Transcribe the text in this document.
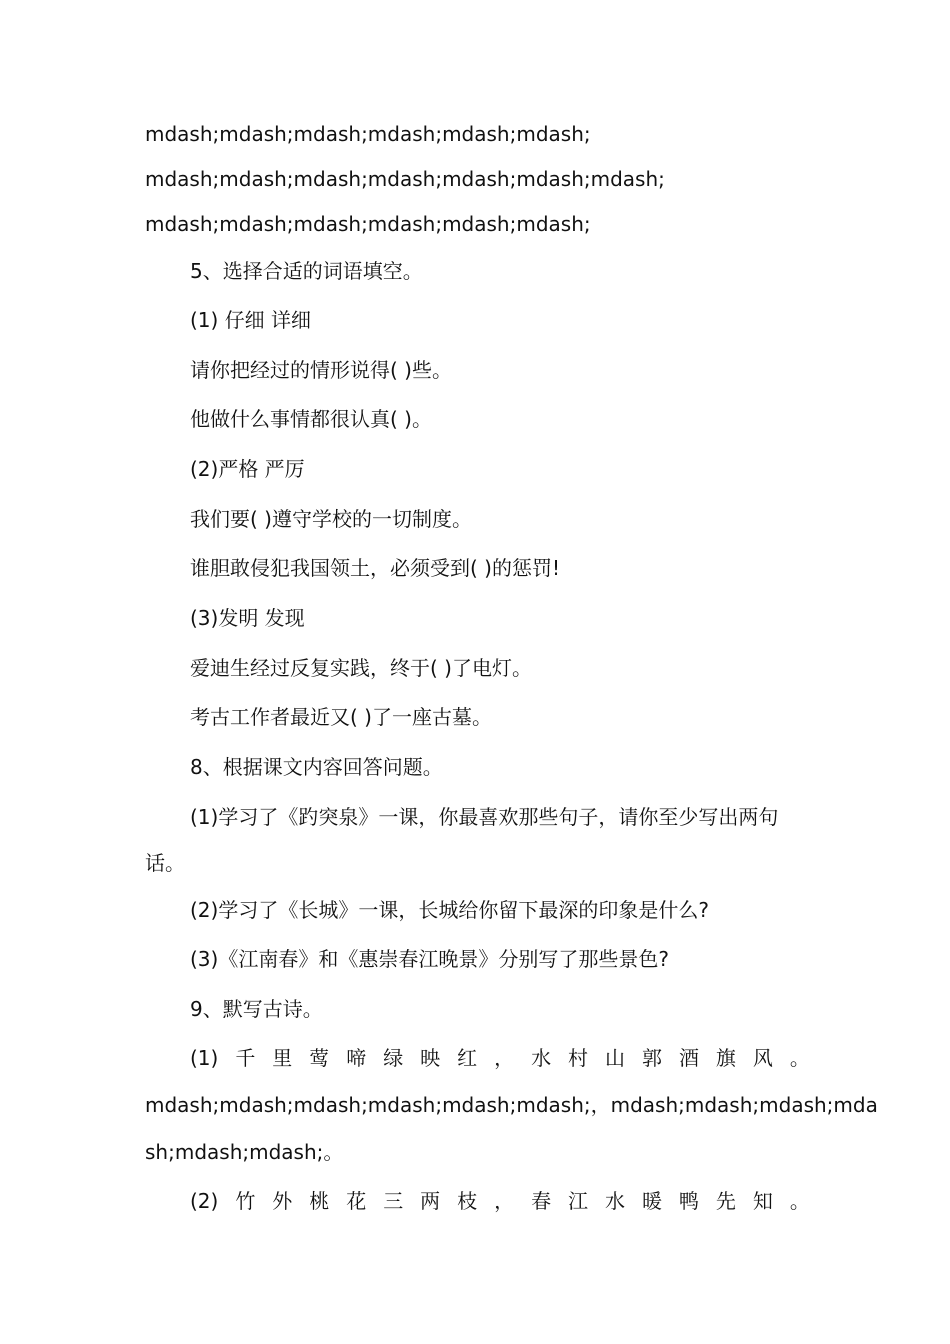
mdash;mdash;mdash;mdash;mdash;mdash;
mdash;mdash;mdash;mdash;mdash;mdash;mdash;
mdash;mdash;mdash;mdash;mdash;mdash;
5、选择合适的词语填空。
(1) 仔细 详细
请你把经过的情形说得( )些。
他做什么事情都很认真( )。
(2)严格 严厉
我们要( )遵守学校的一切制度。
谁胆敢侵犯我国领土，必须受到( )的惩罚!
(3)发明 发现
爱迪生经过反复实践，终于( )了电灯。
考古工作者最近又( )了一座古墓。
8、根据课文内容回答问题。
(1)学习了《趵突泉》一课，你最喜欢那些句子，请你至少写出两句
话。
(2)学习了《长城》一课，长城给你留下最深的印象是什么?
(3)《江南春》和《惠崇春江晚景》分别写了那些景色?
9、默写古诗。
(1) 千 里 莺 啼 绿 映 红 ， 水 村 山 郭 酒 旗 风 。
mdash;mdash;mdash;mdash;mdash;mdash;，mdash;mdash;mdash;mda
sh;mdash;mdash;。
(2) 竹 外 桃 花 三 两 枝 ， 春 江 水 暖 鸭 先 知 。
